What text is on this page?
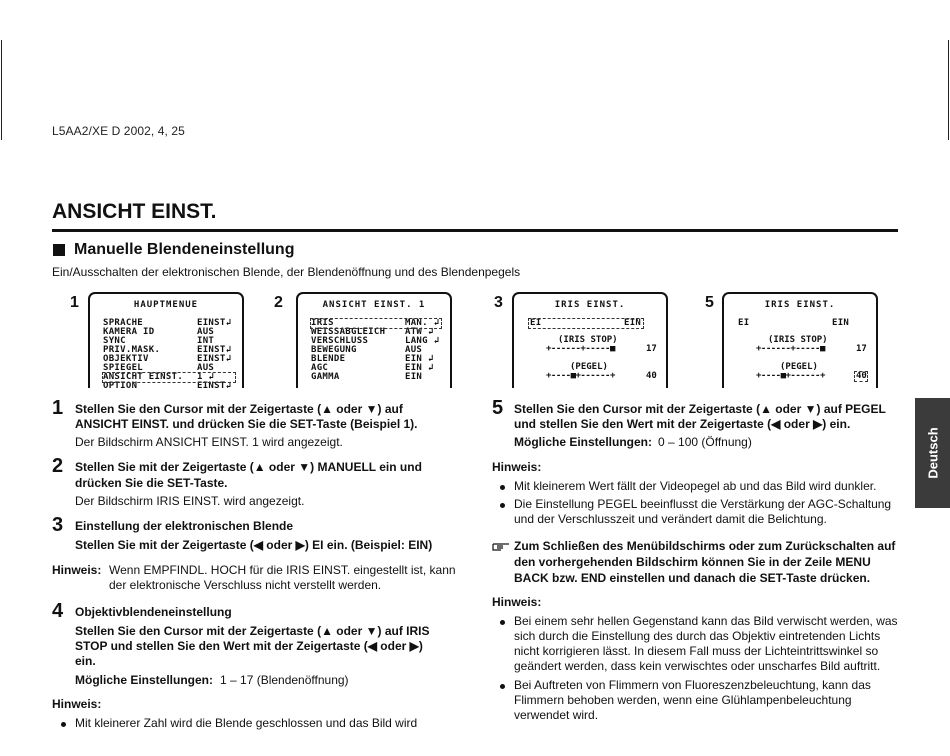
L5AA2/XE D 2002, 4, 25
ANSICHT EINST.
Manuelle Blendeneinstellung
Ein/Ausschalten der elektronischen Blende, der Blendenöffnung und des Blendenpegels
1	HAUPTMENUE
SPRACHE	EINST↲
KAMERA ID	AUS
SYNC	INT
PRIV.MASK.	EINST↲
OBJEKTIV	EINST↲
SPIEGEL	AUS
ANSICHT EINST. 1 ↲
OPTION	EINST↲
2	ANSICHT EINST. 1
IRIS	MAN. ↲
WEISSABGLEICH ATW ↲
VERSCHLUSS	LANG ↲
BEWEGUNG	AUS
BLENDE	EIN ↲
AGC	EIN ↲
GAMMA	EIN
3	IRIS EINST.
EI	EIN
(IRIS STOP)
+------+-----■	17
(PEGEL)
+----■+------+	40
5	IRIS EINST.
EI	EIN
(IRIS STOP)
+------+-----■	17
(PEGEL)
+----■+------+	40
1 Stellen Sie den Cursor mit der Zeigertaste (▲ oder ▼) auf
ANSICHT EINST. und drücken Sie die SET-Taste (Beispiel 1).
Der Bildschirm ANSICHT EINST. 1 wird angezeigt.
2 Stellen Sie mit der Zeigertaste (▲ oder ▼) MANUELL ein und
drücken Sie die SET-Taste.
Der Bildschirm IRIS EINST. wird angezeigt.
3 Einstellung der elektronischen Blende
Stellen Sie mit der Zeigertaste (◀ oder ▶) EI ein. (Beispiel: EIN)
Hinweis: Wenn EMPFINDL. HOCH für die IRIS EINST. eingestellt ist, kann
der elektronische Verschluss nicht verstellt werden.
4 Objektivblendeneinstellung
Stellen Sie den Cursor mit der Zeigertaste (▲ oder ▼) auf IRIS
STOP und stellen Sie den Wert mit der Zeigertaste (◀ oder ▶)
ein.
Mögliche Einstellungen: 1 – 17 (Blendenöffnung)
Hinweis:
Mit kleinerer Zahl wird die Blende geschlossen und das Bild wird
5 Stellen Sie den Cursor mit der Zeigertaste (▲ oder ▼) auf PEGEL
und stellen Sie den Wert mit der Zeigertaste (◀ oder ▶) ein.
Mögliche Einstellungen: 0 – 100 (Öffnung)
Hinweis:
Mit kleinerem Wert fällt der Videopegel ab und das Bild wird dunkler.
Die Einstellung PEGEL beeinflusst die Verstärkung der AGC-Schaltung
und der Verschlusszeit und verändert damit die Belichtung.
Zum Schließen des Menübildschirms oder zum Zurückschalten auf
den vorhergehenden Bildschirm können Sie in der Zeile MENU
BACK bzw. END einstellen und danach die SET-Taste drücken.
Hinweis:
Bei einem sehr hellen Gegenstand kann das Bild verwischt werden, was
sich durch die Einstellung des durch das Objektiv eintretenden Lichts
nicht korrigieren lässt. In diesem Fall muss der Lichteintrittswinkel so
geändert werden, dass kein verwischtes oder unscharfes Bild auftritt.
Bei Auftreten von Flimmern von Fluoreszenzbeleuchtung, kann das
Flimmern behoben werden, wenn eine Glühlampenbeleuchtung
verwendet wird.
Deutsch
